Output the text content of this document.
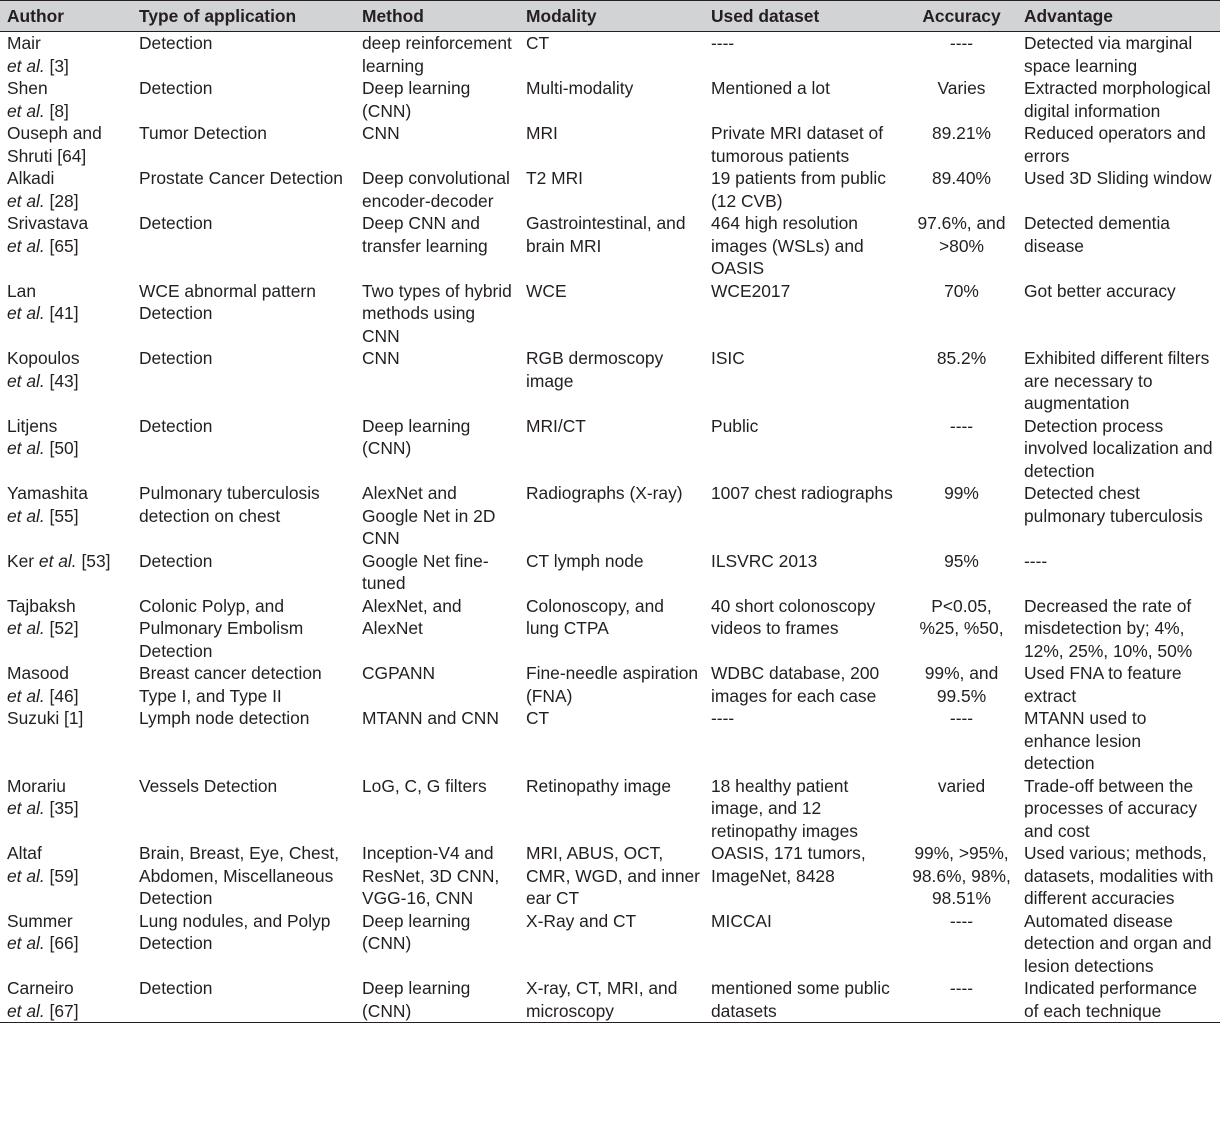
Author	Type of application	Method	Modality	Used dataset	Accuracy	Advantage
Mair
et al. [3]	Detection	deep reinforcement learning	CT	----	----	Detected via marginal space learning
Shen
et al. [8]	Detection	Deep learning (CNN)	Multi-modality	Mentioned a lot	Varies	Extracted morphological digital information
Ouseph and
Shruti [64]	Tumor Detection	CNN	MRI	Private MRI dataset of tumorous patients	89.21%	Reduced operators and errors
Alkadi
et al. [28]	Prostate Cancer Detection	Deep convolutional encoder-decoder	T2 MRI	19 patients from public (12 CVB)	89.40%	Used 3D Sliding window
Srivastava
et al. [65]	Detection	Deep CNN and transfer learning	Gastrointestinal, and brain MRI	464 high resolution images (WSLs) and OASIS	97.6%, and >80%	Detected dementia disease
Lan
et al. [41]	WCE abnormal pattern Detection	Two types of hybrid methods using CNN	WCE	WCE2017	70%	Got better accuracy
Kopoulos
et al. [43]	Detection	CNN	RGB dermoscopy image	ISIC	85.2%	Exhibited different filters are necessary to augmentation
Litjens
et al. [50]	Detection	Deep learning (CNN)	MRI/CT	Public	----	Detection process involved localization and detection
Yamashita
et al. [55]	Pulmonary tuberculosis detection on chest	AlexNet and Google Net in 2D CNN	Radiographs (X-ray)	1007 chest radiographs	99%	Detected chest pulmonary tuberculosis
Ker et al. [53]	Detection	Google Net fine-tuned	CT lymph node	ILSVRC 2013	95%	----
Tajbaksh
et al. [52]	Colonic Polyp, and Pulmonary Embolism Detection	AlexNet, and AlexNet	Colonoscopy, and lung CTPA	40 short colonoscopy videos to frames	P<0.05, %25, %50,	Decreased the rate of misdetection by; 4%, 12%, 25%, 10%, 50%
Masood
et al. [46]	Breast cancer detection Type I, and Type II	CGPANN	Fine-needle aspiration (FNA)	WDBC database, 200 images for each case	99%, and 99.5%	Used FNA to feature extract
Suzuki [1]	Lymph node detection	MTANN and CNN	CT	----	----	MTANN used to enhance lesion detection
Morariu
et al. [35]	Vessels Detection	LoG, C, G filters	Retinopathy image	18 healthy patient image, and 12 retinopathy images	varied	Trade-off between the processes of accuracy and cost
Altaf
et al. [59]	Brain, Breast, Eye, Chest, Abdomen, Miscellaneous Detection	Inception-V4 and ResNet, 3D CNN, VGG-16, CNN	MRI, ABUS, OCT, CMR, WGD, and inner ear CT	OASIS, 171 tumors, ImageNet, 8428	99%, >95%, 98.6%, 98%, 98.51%	Used various; methods, datasets, modalities with different accuracies
Summer
et al. [66]	Lung nodules, and Polyp Detection	Deep learning (CNN)	X-Ray and CT	MICCAI	----	Automated disease detection and organ and lesion detections
Carneiro
et al. [67]	Detection	Deep learning (CNN)	X-ray, CT, MRI, and microscopy	mentioned some public datasets	----	Indicated performance of each technique
